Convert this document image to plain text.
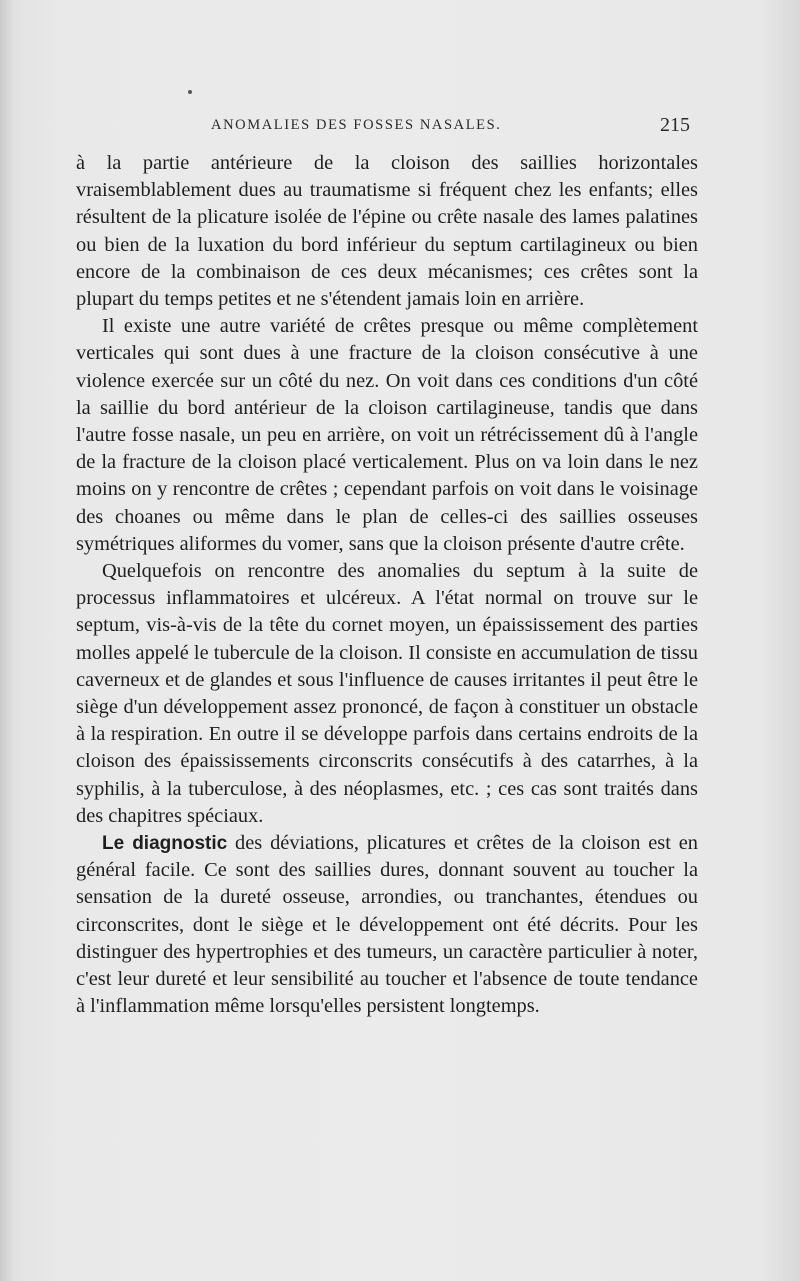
ANOMALIES DES FOSSES NASALES.	215

à la partie antérieure de la cloison des saillies horizontales vraisemblablement dues au traumatisme si fréquent chez les enfants; elles résultent de la plicature isolée de l'épine ou crête nasale des lames palatines ou bien de la luxation du bord inférieur du septum cartilagineux ou bien encore de la combinaison de ces deux mécanismes; ces crêtes sont la plupart du temps petites et ne s'étendent jamais loin en arrière.

Il existe une autre variété de crêtes presque ou même complètement verticales qui sont dues à une fracture de la cloison consécutive à une violence exercée sur un côté du nez. On voit dans ces conditions d'un côté la saillie du bord antérieur de la cloison cartilagineuse, tandis que dans l'autre fosse nasale, un peu en arrière, on voit un rétrécissement dû à l'angle de la fracture de la cloison placé verticalement. Plus on va loin dans le nez moins on y rencontre de crêtes ; cependant parfois on voit dans le voisinage des choanes ou même dans le plan de celles-ci des saillies osseuses symétriques aliformes du vomer, sans que la cloison présente d'autre crête.

Quelquefois on rencontre des anomalies du septum à la suite de processus inflammatoires et ulcéreux. A l'état normal on trouve sur le septum, vis-à-vis de la tête du cornet moyen, un épaississement des parties molles appelé le tubercule de la cloison. Il consiste en accumulation de tissu caverneux et de glandes et sous l'influence de causes irritantes il peut être le siège d'un développement assez prononcé, de façon à constituer un obstacle à la respiration. En outre il se développe parfois dans certains endroits de la cloison des épaississements circonscrits consécutifs à des catarrhes, à la syphilis, à la tuberculose, à des néoplasmes, etc. ; ces cas sont traités dans des chapitres spéciaux.

Le diagnostic des déviations, plicatures et crêtes de la cloison est en général facile. Ce sont des saillies dures, donnant souvent au toucher la sensation de la dureté osseuse, arrondies, ou tranchantes, étendues ou circonscrites, dont le siège et le développement ont été décrits. Pour les distinguer des hypertrophies et des tumeurs, un caractère particulier à noter, c'est leur dureté et leur sensibilité au toucher et l'absence de toute tendance à l'inflammation même lorsqu'elles persistent longtemps.
